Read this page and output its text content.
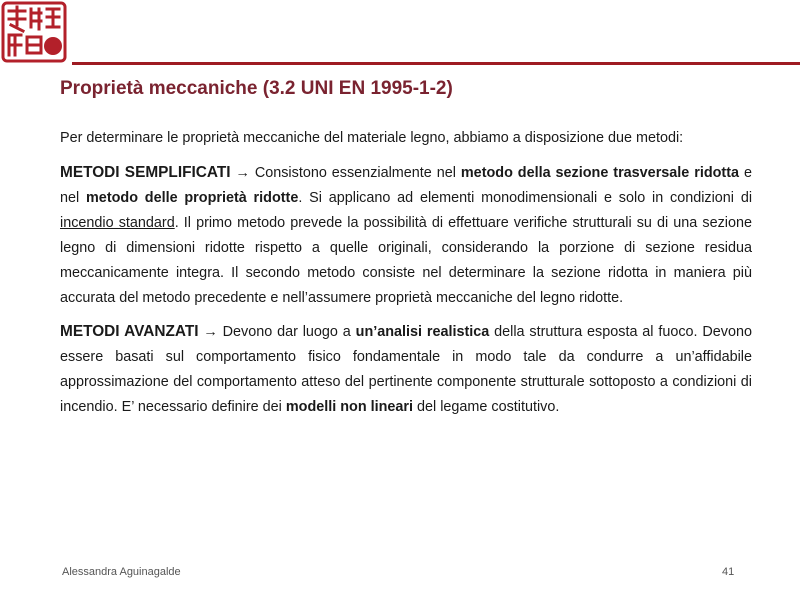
Proprietà meccaniche (3.2 UNI EN 1995-1-2)

Per determinare le proprietà meccaniche del materiale legno, abbiamo a disposizione due metodi:

METODI SEMPLIFICATI → Consistono essenzialmente nel metodo della sezione trasversale ridotta e nel metodo delle proprietà ridotte. Si applicano ad elementi monodimensionali e solo in condizioni di incendio standard. Il primo metodo prevede la possibilità di effettuare verifiche strutturali su di una sezione legno di dimensioni ridotte rispetto a quelle originali, considerando la porzione di sezione residua meccanicamente integra. Il secondo metodo consiste nel determinare la sezione ridotta in maniera più accurata del metodo precedente e nell’assumere proprietà meccaniche del legno ridotte.

METODI AVANZATI → Devono dar luogo a un’analisi realistica della struttura esposta al fuoco. Devono essere basati sul comportamento fisico fondamentale in modo tale da condurre a un’affidabile approssimazione del comportamento atteso del pertinente componente strutturale sottoposto a condizioni di incendio. E’ necessario definire dei modelli non lineari del legame costitutivo.

Alessandra Aguinagalde	41
